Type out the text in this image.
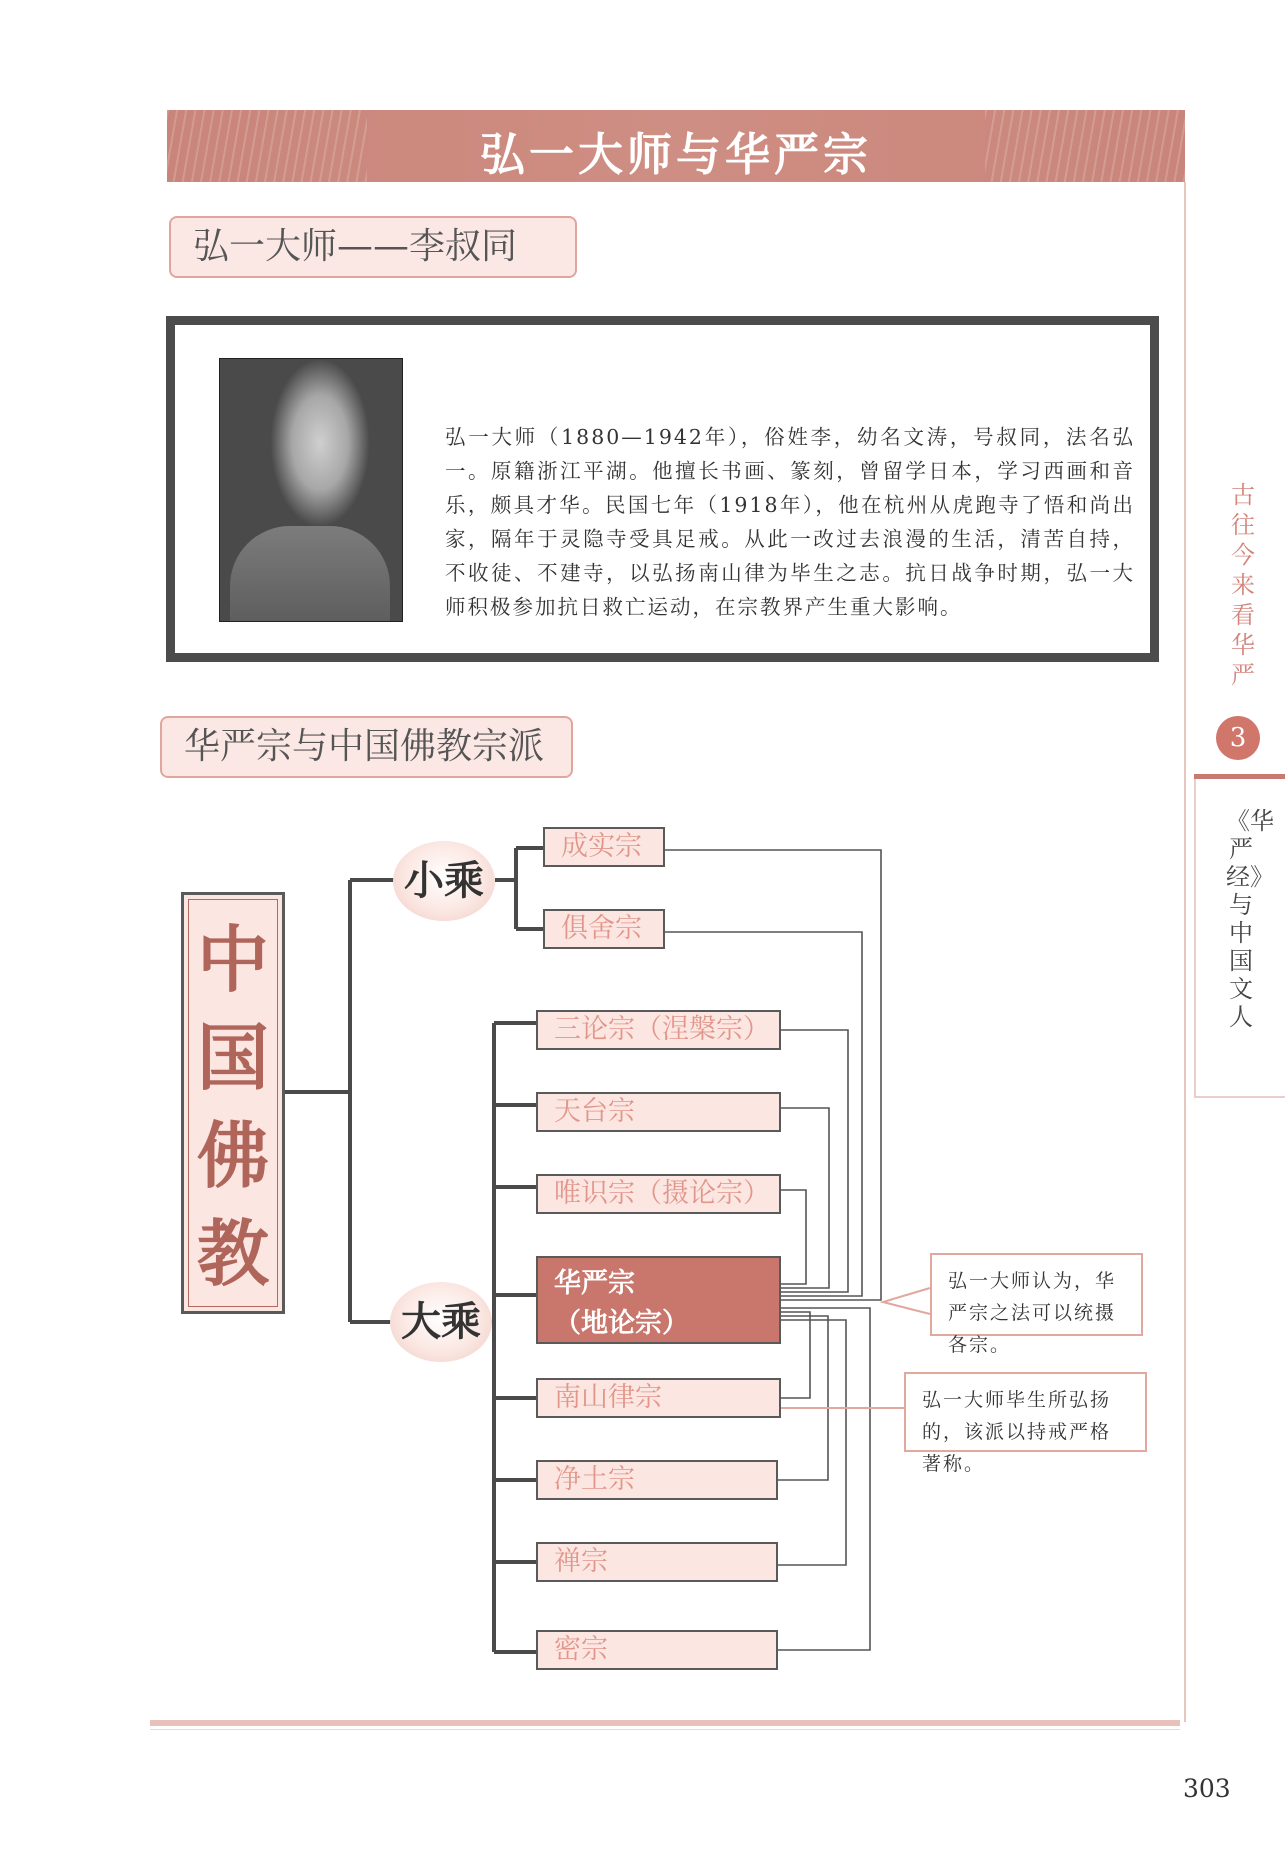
弘一大师与华严宗
弘一大师——李叔同
弘一大师（1880—1942年），俗姓李，幼名文涛，号叔同，法名弘一。原籍浙江平湖。他擅长书画、篆刻，曾留学日本，学习西画和音乐，颇具才华。民国七年（1918年），他在杭州从虎跑寺了悟和尚出家，隔年于灵隐寺受具足戒。从此一改过去浪漫的生活，清苦自持，不收徒、不建寺，以弘扬南山律为毕生之志。抗日战争时期，弘一大师积极参加抗日救亡运动，在宗教界产生重大影响。
华严宗与中国佛教宗派
中国佛教
小乘
大乘
成实宗
俱舍宗
三论宗（涅槃宗）
天台宗
唯识宗（摄论宗）
华严宗
（地论宗）
南山律宗
净土宗
禅宗
密宗
弘一大师认为，华严宗之法可以统摄各宗。
弘一大师毕生所弘扬的，该派以持戒严格著称。
古往今来看华严
3
《华严经》与中国文人
303
